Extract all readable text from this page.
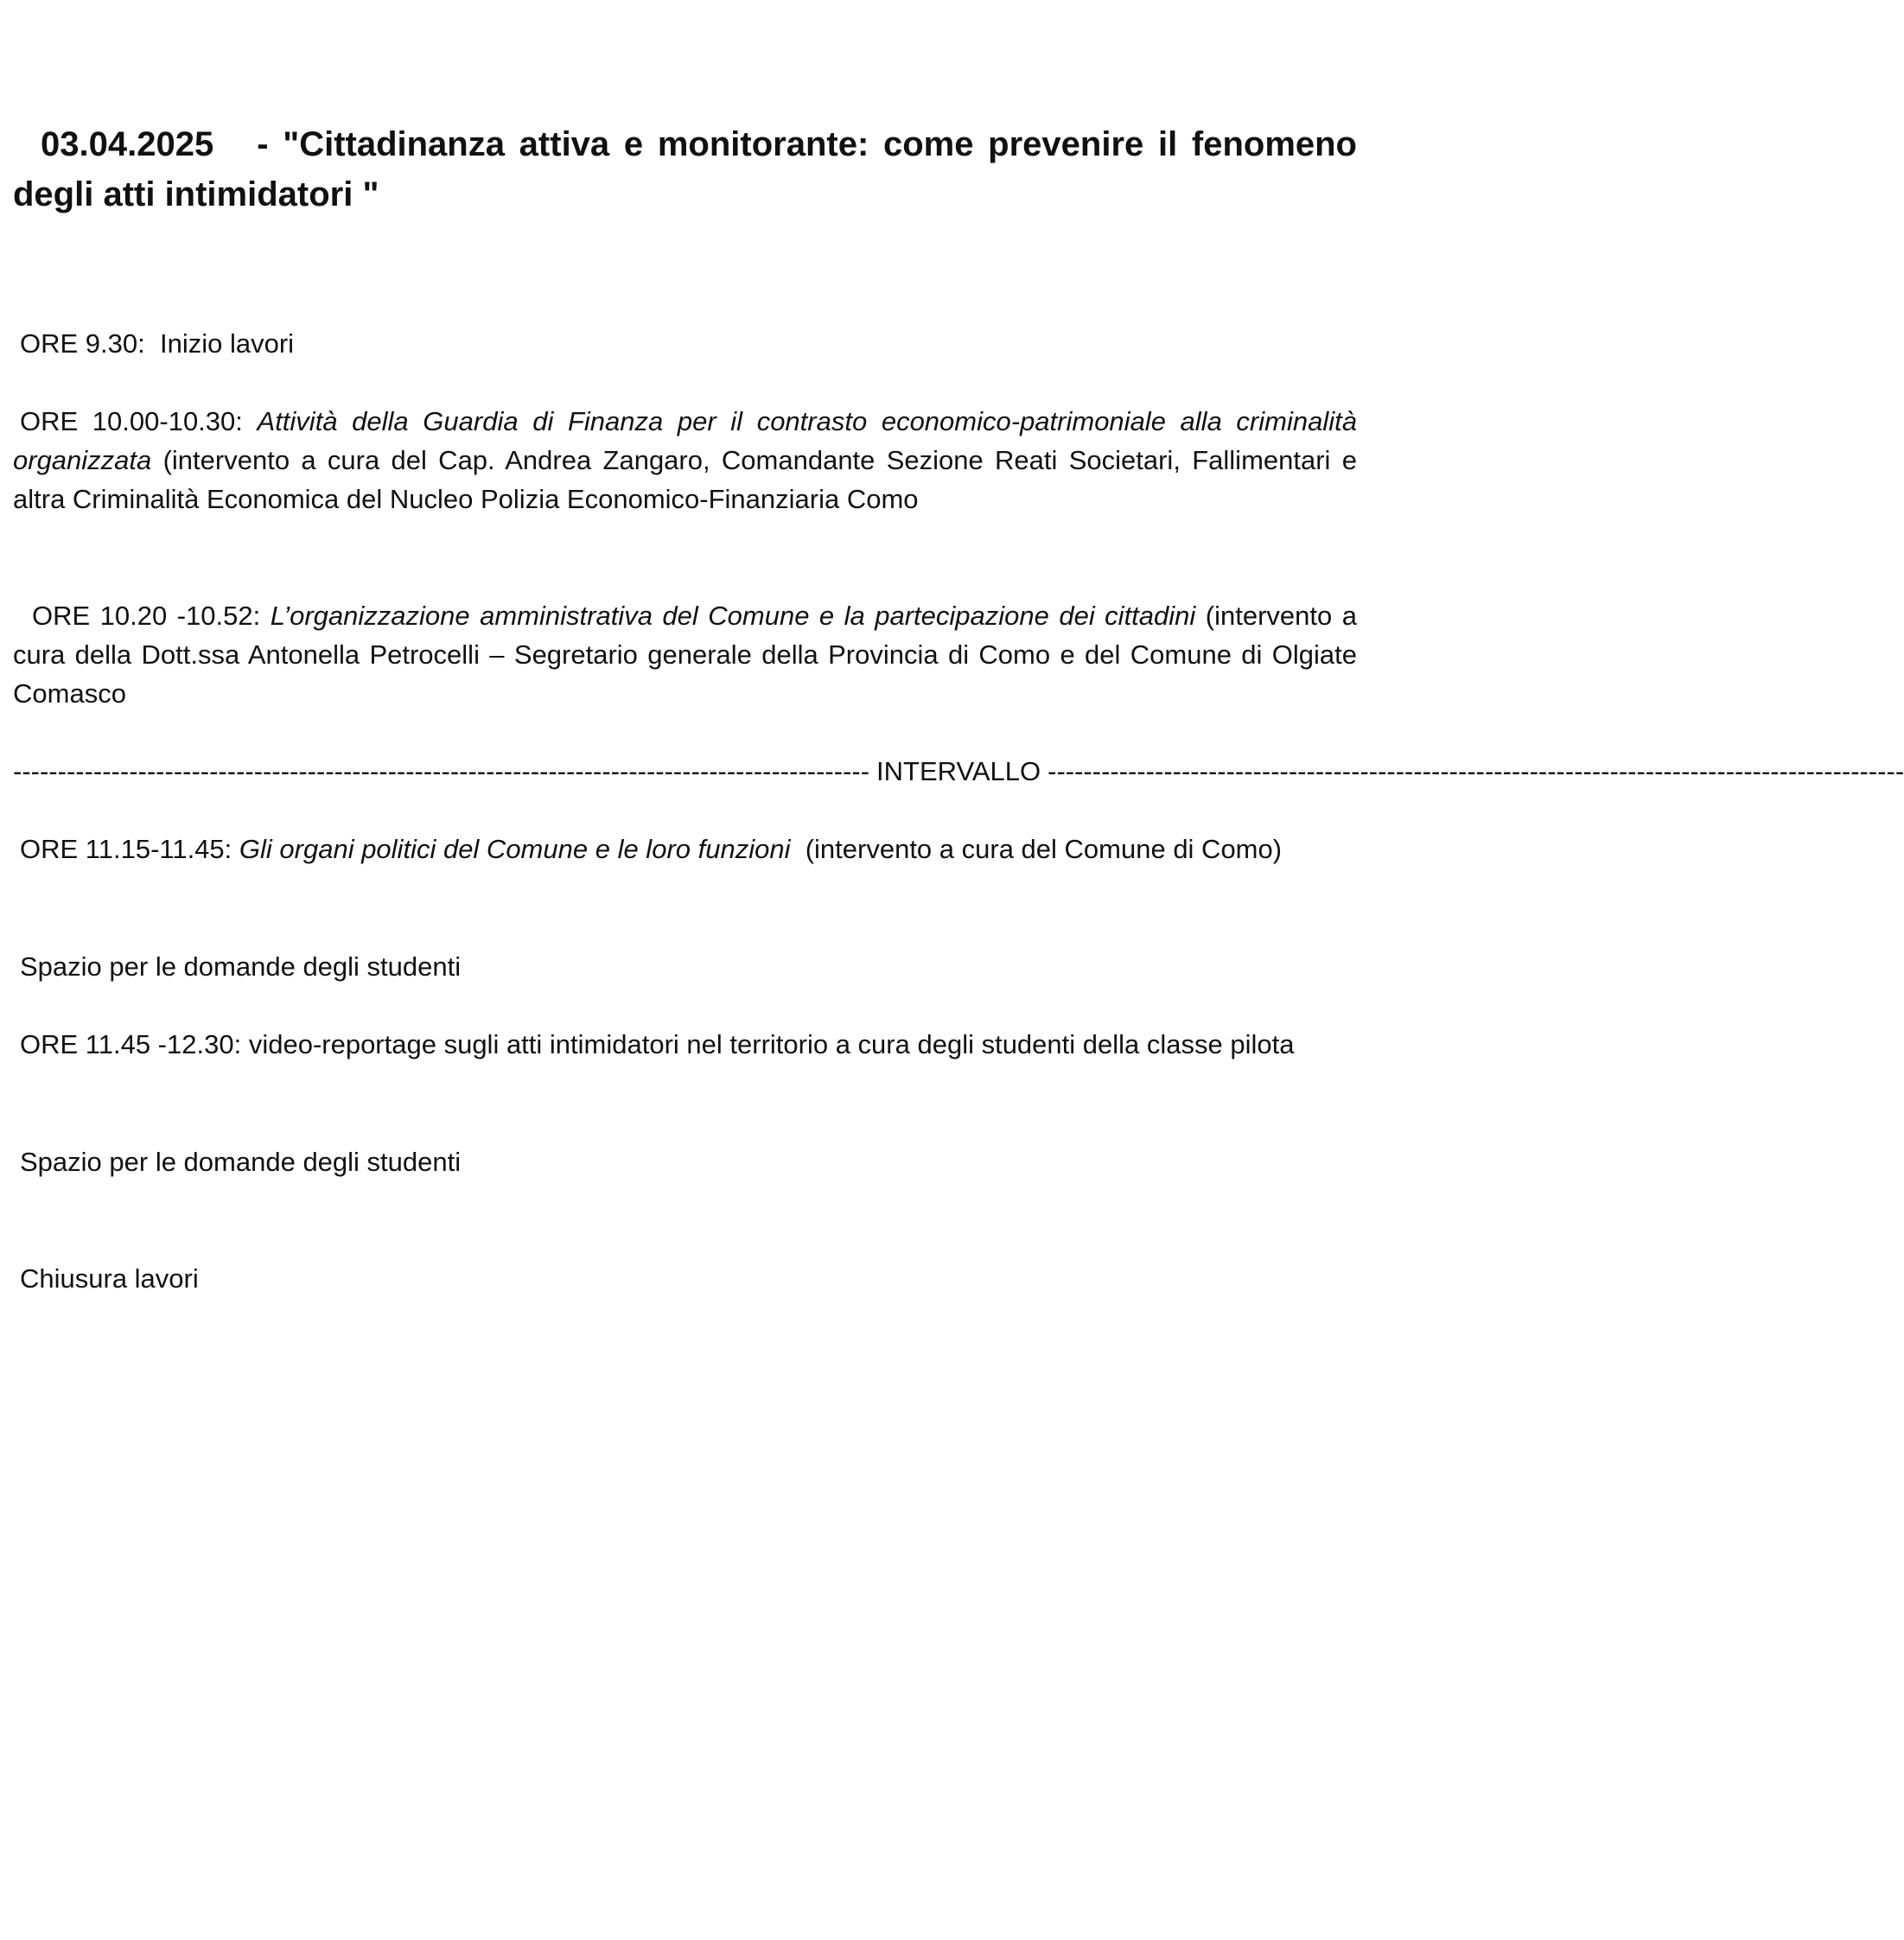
03.04.2025 - "Cittadinanza attiva e monitorante: come prevenire il fenomeno degli atti intimidatori "

ORE 9.30: Inizio lavori

ORE 10.00-10.30: Attività della Guardia di Finanza per il contrasto economico-patrimoniale alla criminalità organizzata (intervento a cura del Cap. Andrea Zangaro, Comandante Sezione Reati Societari, Fallimentari e altra Criminalità Economica del Nucleo Polizia Economico-Finanziaria Como

ORE 10.20 -10.52: L’organizzazione amministrativa del Comune e la partecipazione dei cittadini (intervento a cura della Dott.ssa Antonella Petrocelli – Segretario generale della Provincia di Como e del Comune di Olgiate Comasco

------------------------------------------------------------------------------------------------ INTERVALLO ------------------------------------------------------------------------------------------------

ORE 11.15-11.45: Gli organi politici del Comune e le loro funzioni (intervento a cura del Comune di Como)

Spazio per le domande degli studenti

ORE 11.45 -12.30: video-reportage sugli atti intimidatori nel territorio a cura degli studenti della classe pilota

Spazio per le domande degli studenti

Chiusura lavori
